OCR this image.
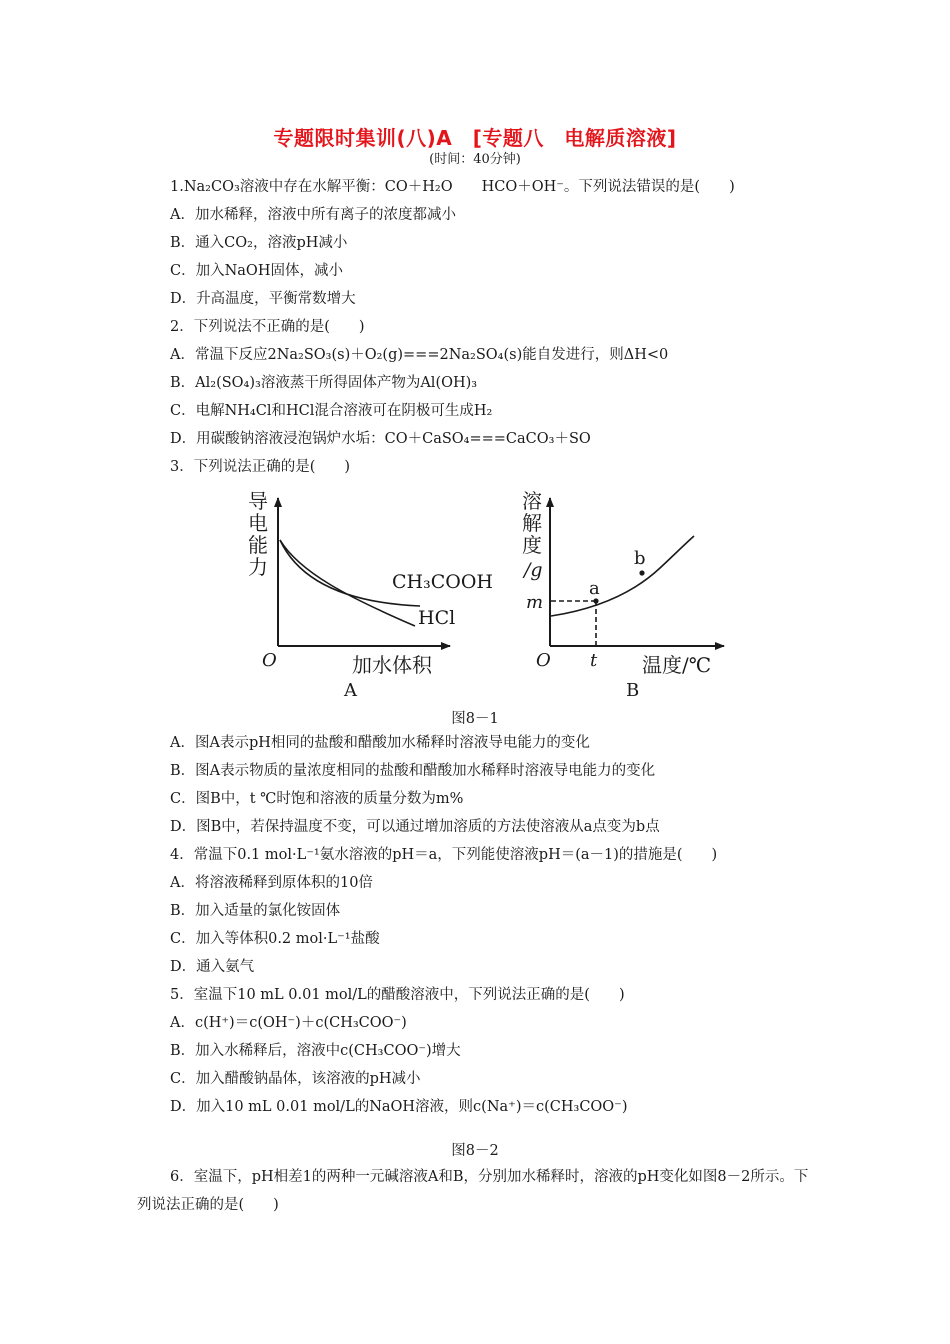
专题限时集训(八)A　[专题八　电解质溶液]
(时间：40分钟)
1.Na₂CO₃溶液中存在水解平衡：CO＋H₂O　　HCO＋OH⁻。下列说法错误的是(　　)
A．加水稀释，溶液中所有离子的浓度都减小
B．通入CO₂，溶液pH减小
C．加入NaOH固体，减小
D．升高温度，平衡常数增大
2．下列说法不正确的是(　　)
A．常温下反应2Na₂SO₃(s)＋O₂(g)===2Na₂SO₄(s)能自发进行，则ΔH<0
B．Al₂(SO₄)₃溶液蒸干所得固体产物为Al(OH)₃
C．电解NH₄Cl和HCl混合溶液可在阴极可生成H₂
D．用碳酸钠溶液浸泡锅炉水垢：CO＋CaSO₄===CaCO₃＋SO
3．下列说法正确的是(　　)
导
电
能
力
CH₃COOH
HCl
O	加水体积
A
溶
解
度
/g
a
b
m
t
O	温度/℃
B
图8－1
A．图A表示pH相同的盐酸和醋酸加水稀释时溶液导电能力的变化
B．图A表示物质的量浓度相同的盐酸和醋酸加水稀释时溶液导电能力的变化
C．图B中，t ℃时饱和溶液的质量分数为m%
D．图B中，若保持温度不变，可以通过增加溶质的方法使溶液从a点变为b点
4．常温下0.1 mol·L⁻¹氨水溶液的pH＝a，下列能使溶液pH＝(a－1)的措施是(　　)
A．将溶液稀释到原体积的10倍
B．加入适量的氯化铵固体
C．加入等体积0.2 mol·L⁻¹盐酸
D．通入氨气
5．室温下10 mL 0.01 mol/L的醋酸溶液中，下列说法正确的是(　　)
A．c(H⁺)＝c(OH⁻)＋c(CH₃COO⁻)
B．加入水稀释后，溶液中c(CH₃COO⁻)增大
C．加入醋酸钠晶体，该溶液的pH减小
D．加入10 mL 0.01 mol/L的NaOH溶液，则c(Na⁺)＝c(CH₃COO⁻)
图8－2
6．室温下，pH相差1的两种一元碱溶液A和B，分别加水稀释时，溶液的pH变化如图8－2所示。下列说法正确的是(　　)
